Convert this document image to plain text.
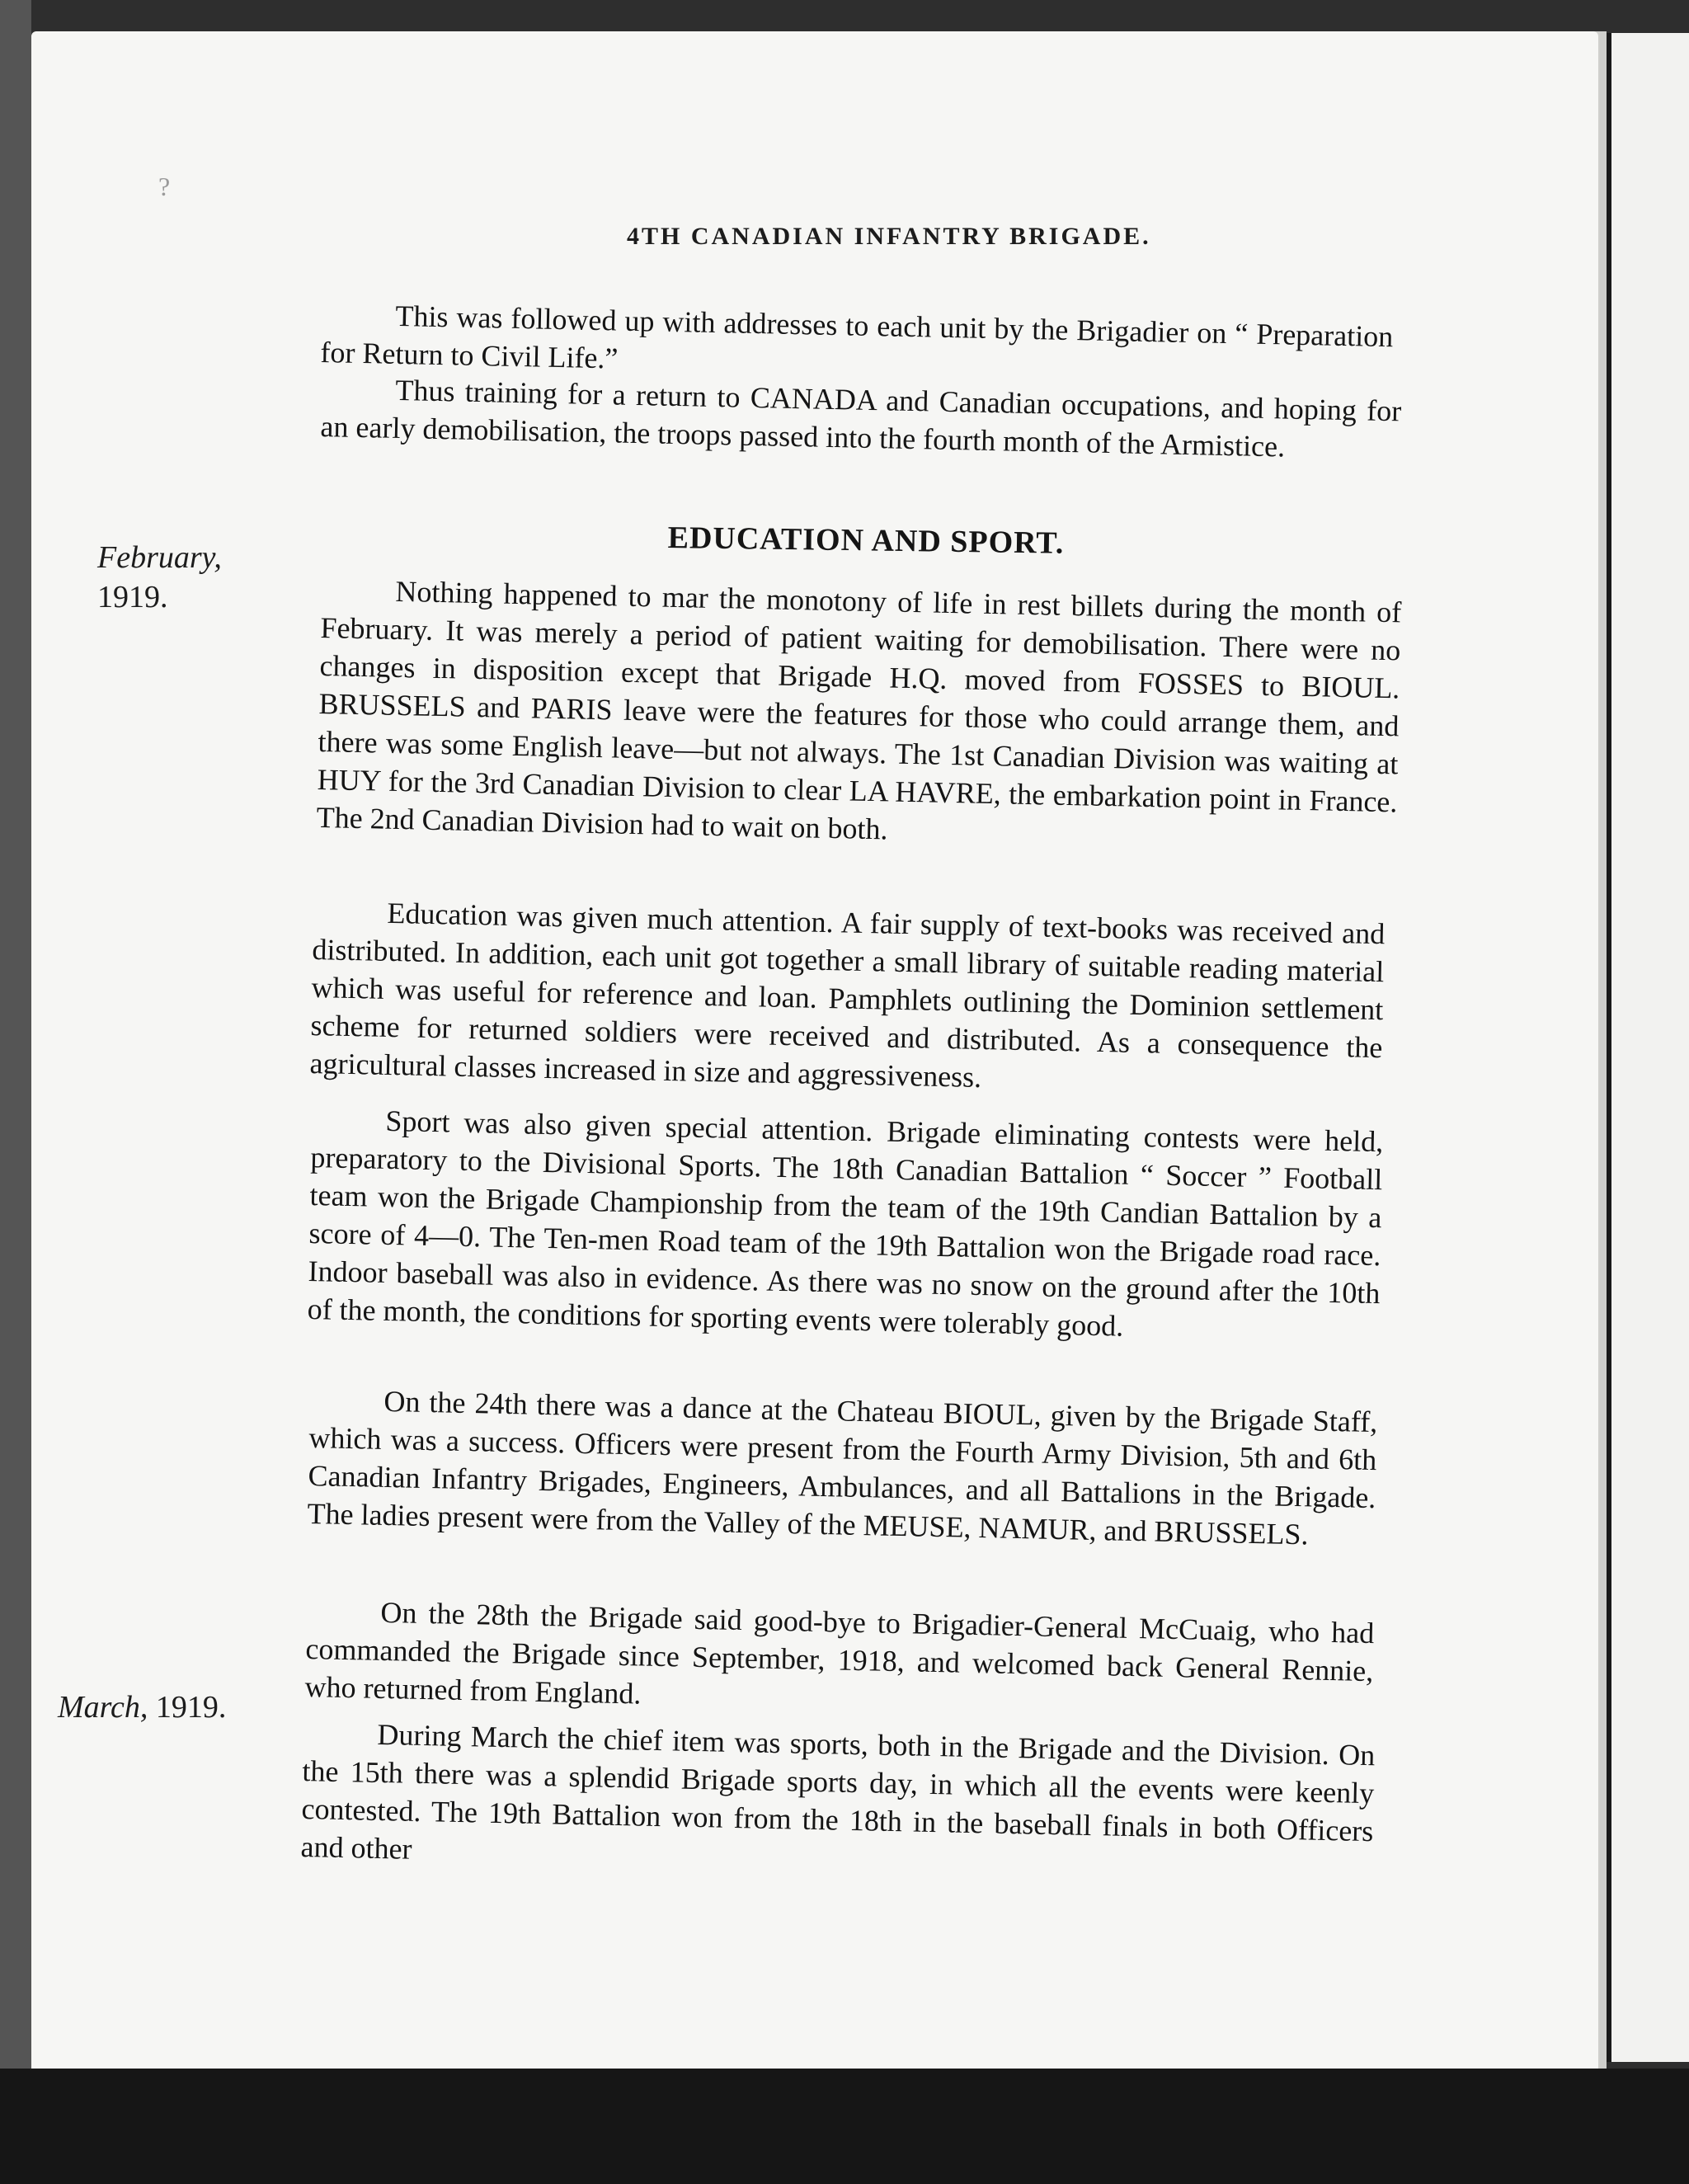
?
4TH CANADIAN INFANTRY BRIGADE.

This was followed up with addresses to each unit by the Brigadier on “ Preparation for Return to Civil Life.”

Thus training for a return to CANADA and Canadian occupations, and hoping for an early demobilisation, the troops passed into the fourth month of the Armistice.

EDUCATION AND SPORT.
February,
1919.	Nothing happened to mar the monotony of life in rest billets during the month of February. It was merely a period of patient waiting for demobilisation. There were no changes in disposition except that Brigade H.Q. moved from FOSSES to BIOUL. BRUSSELS and PARIS leave were the features for those who could arrange them, and there was some English leave—but not always. The 1st Canadian Division was waiting at HUY for the 3rd Canadian Division to clear LA HAVRE, the embarkation point in France. The 2nd Canadian Division had to wait on both.

Education was given much attention. A fair supply of text-books was received and distributed. In addition, each unit got together a small library of suitable reading material which was useful for reference and loan. Pamphlets outlining the Dominion settlement scheme for returned soldiers were received and distributed. As a consequence the agricultural classes increased in size and aggressiveness.

Sport was also given special attention. Brigade eliminating contests were held, preparatory to the Divisional Sports. The 18th Canadian Battalion “ Soccer ” Football team won the Brigade Championship from the team of the 19th Candian Battalion by a score of 4—0. The Ten-men Road team of the 19th Battalion won the Brigade road race. Indoor baseball was also in evidence. As there was no snow on the ground after the 10th of the month, the conditions for sporting events were tolerably good.

On the 24th there was a dance at the Chateau BIOUL, given by the Brigade Staff, which was a success. Officers were present from the Fourth Army Division, 5th and 6th Canadian Infantry Brigades, Engineers, Ambulances, and all Battalions in the Brigade. The ladies present were from the Valley of the MEUSE, NAMUR, and BRUSSELS.

On the 28th the Brigade said good-bye to Brigadier-General McCuaig, who had commanded the Brigade since September, 1918, and welcomed back General Rennie, who returned from England.

March, 1919.

During March the chief item was sports, both in the Brigade and the Division. On the 15th there was a splendid Brigade sports day, in which all the events were keenly contested. The 19th Battalion won from the 18th in the baseball finals in both Officers and other
